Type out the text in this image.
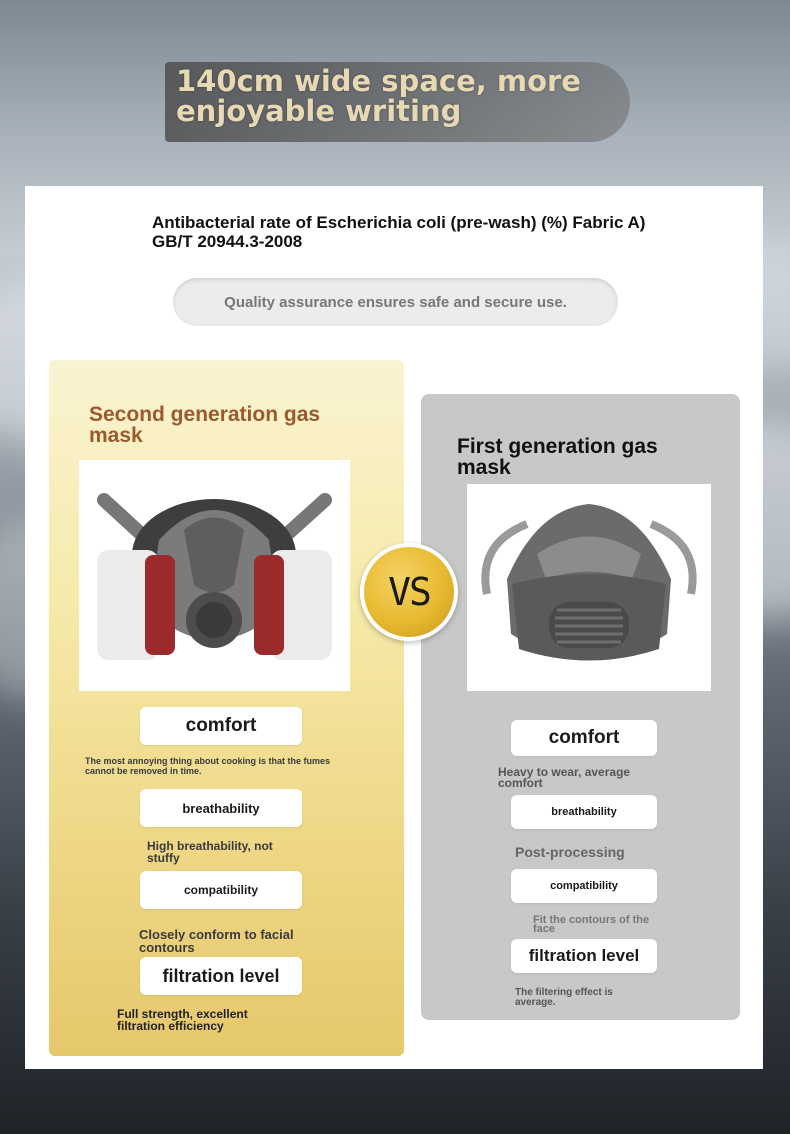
140cm wide space, more enjoyable writing
Antibacterial rate of Escherichia coli (pre-wash) (%) Fabric A) GB/T 20944.3-2008
Quality assurance ensures safe and secure use.
Second generation gas mask
comfort
The most annoying thing about cooking is that the fumes cannot be removed in time.
breathability
High breathability, not stuffy
compatibility
Closely conform to facial contours
filtration level
Full strength, excellent filtration efficiency
First generation gas mask
comfort
Heavy to wear, average comfort
breathability
Post-processing
compatibility
Fit the contours of the face
filtration level
The filtering effect is average.
VS
